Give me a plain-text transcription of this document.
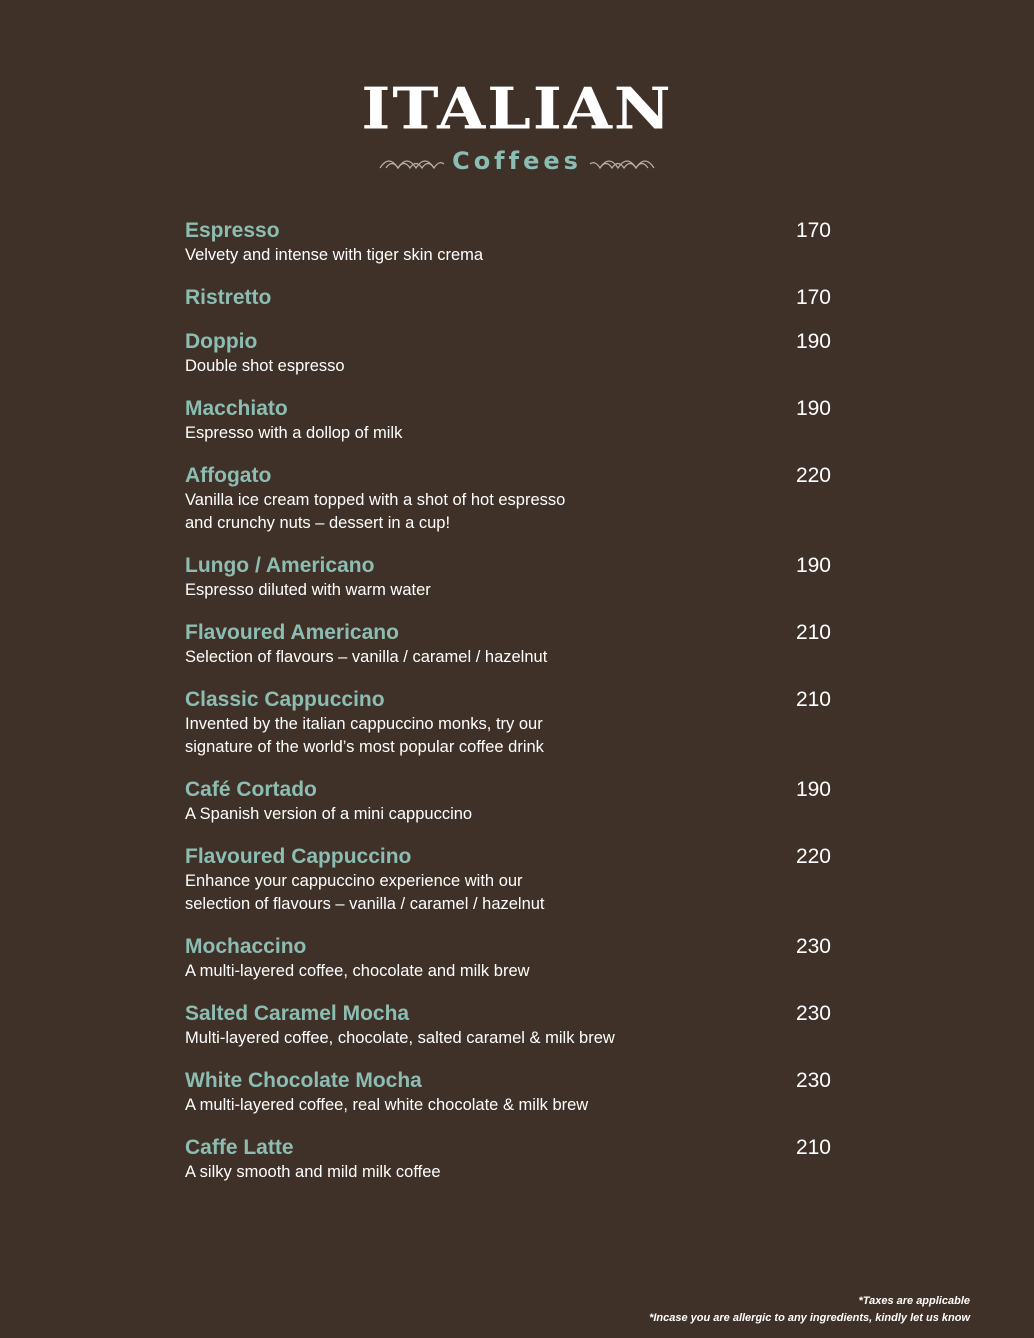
ITALIAN
Coffees
Espresso
Velvety and intense with tiger skin crema
170
Ristretto	170
Doppio
Double shot espresso
190
Macchiato
Espresso with a dollop of milk
190
Affogato
Vanilla ice cream topped with a shot of hot espresso
and crunchy nuts – dessert in a cup!
220
Lungo / Americano
Espresso diluted with warm water
190
Flavoured Americano
Selection of flavours – vanilla / caramel / hazelnut
210
Classic Cappuccino
Invented by the italian cappuccino monks, try our
signature of the world’s most popular coffee drink
210
Café Cortado
A Spanish version of a mini cappuccino
190
Flavoured Cappuccino
Enhance your cappuccino experience with our
selection of flavours – vanilla / caramel / hazelnut
220
Mochaccino
A multi-layered coffee, chocolate and milk brew
230
Salted Caramel Mocha
Multi-layered coffee, chocolate, salted caramel & milk brew
230
White Chocolate Mocha
A multi-layered coffee, real white chocolate & milk brew
230
Caffe Latte
A silky smooth and mild milk coffee
210
*Taxes are applicable
*Incase you are allergic to any ingredients, kindly let us know
